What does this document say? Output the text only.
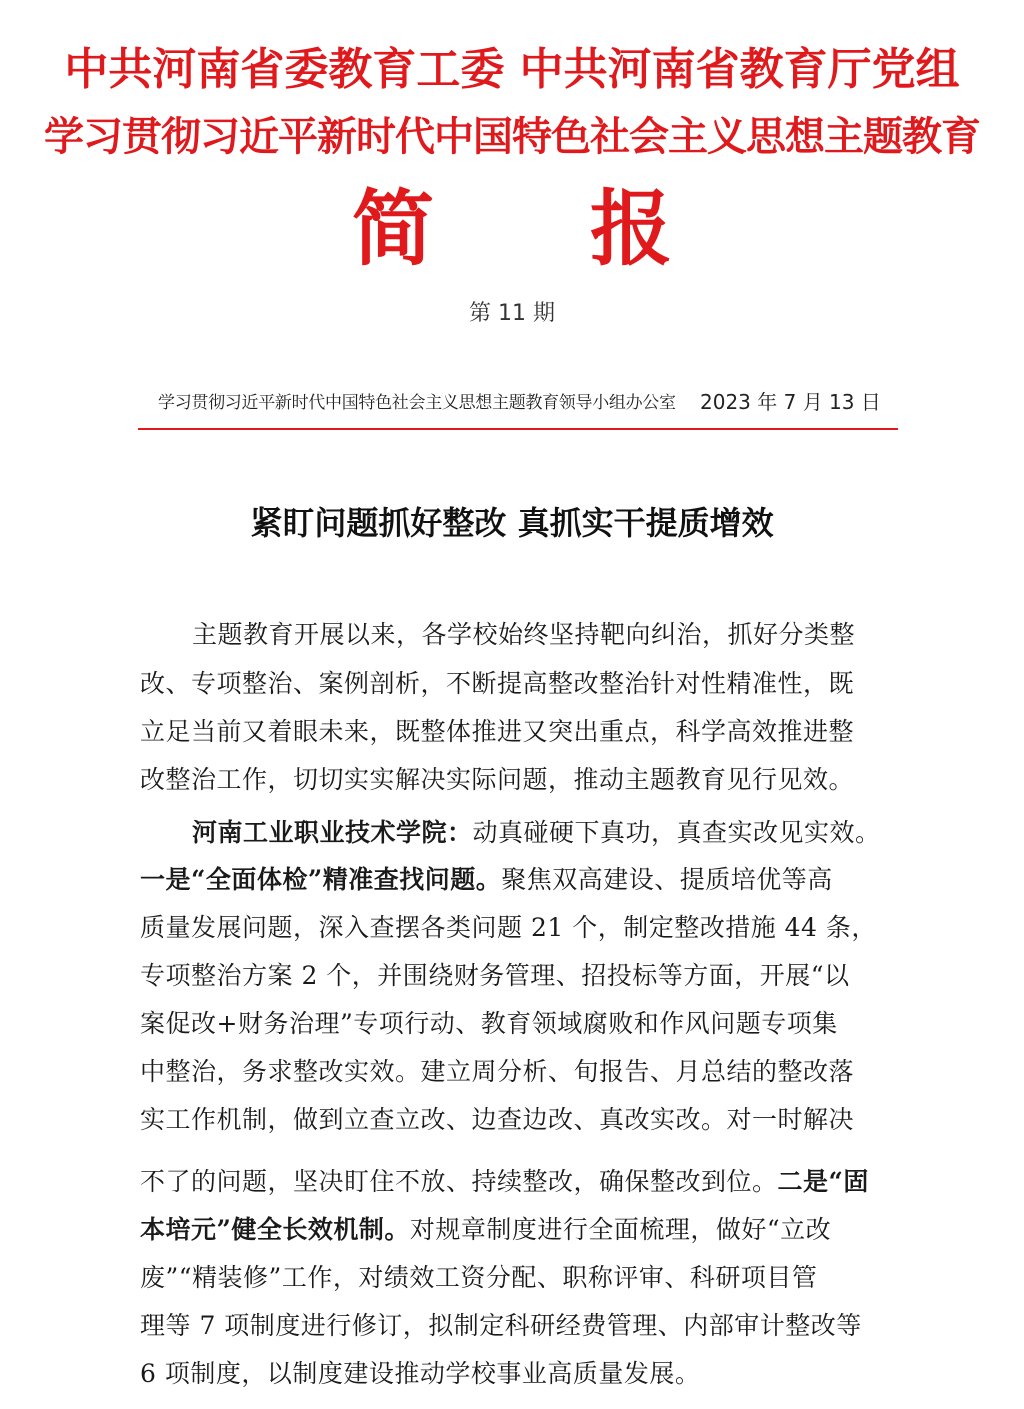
中共河南省委教育工委 中共河南省教育厅党组
学习贯彻习近平新时代中国特色社会主义思想主题教育
简 报
第 11 期
学习贯彻习近平新时代中国特色社会主义思想主题教育领导小组办公室 2023 年 7 月 13 日
紧盯问题抓好整改 真抓实干提质增效
主题教育开展以来，各学校始终坚持靶向纠治，抓好分类整
改、专项整治、案例剖析，不断提高整改整治针对性精准性，既
立足当前又着眼未来，既整体推进又突出重点，科学高效推进整
改整治工作，切切实实解决实际问题，推动主题教育见行见效。
河南工业职业技术学院：动真碰硬下真功，真查实改见实效。
一是“全面体检”精准查找问题。聚焦双高建设、提质培优等高
质量发展问题，深入查摆各类问题 21 个，制定整改措施 44 条，
专项整治方案 2 个，并围绕财务管理、招投标等方面，开展“以
案促改+财务治理”专项行动、教育领域腐败和作风问题专项集
中整治，务求整改实效。建立周分析、旬报告、月总结的整改落
实工作机制，做到立查立改、边查边改、真改实改。对一时解决
不了的问题，坚决盯住不放、持续整改，确保整改到位。二是“固
本培元”健全长效机制。对规章制度进行全面梳理，做好“立改
废”“精装修”工作，对绩效工资分配、职称评审、科研项目管
理等 7 项制度进行修订，拟制定科研经费管理、内部审计整改等
6 项制度，以制度建设推动学校事业高质量发展。
